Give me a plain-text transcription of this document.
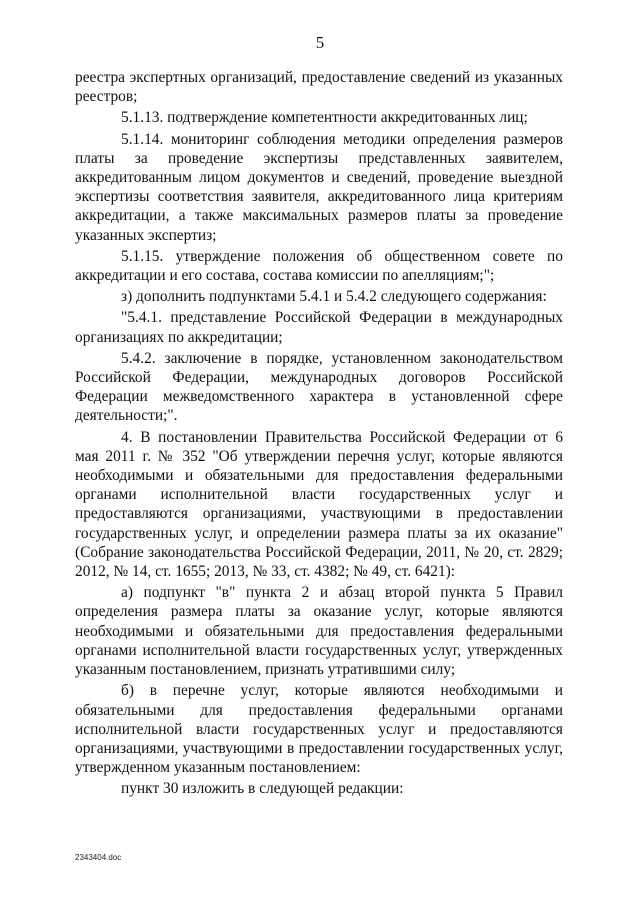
5

реестра экспертных организаций, предоставление сведений из указанных реестров;

5.1.13. подтверждение компетентности аккредитованных лиц;

5.1.14. мониторинг соблюдения методики определения размеров платы за проведение экспертизы представленных заявителем, аккредитованным лицом документов и сведений, проведение выездной экспертизы соответствия заявителя, аккредитованного лица критериям аккредитации, а также максимальных размеров платы за проведение указанных экспертиз;

5.1.15. утверждение положения об общественном совете по аккредитации и его состава, состава комиссии по апелляциям;";

з) дополнить подпунктами 5.4.1 и 5.4.2 следующего содержания:

"5.4.1. представление Российской Федерации в международных организациях по аккредитации;

5.4.2. заключение в порядке, установленном законодательством Российской Федерации, международных договоров Российской Федерации межведомственного характера в установленной сфере деятельности;".

4. В постановлении Правительства Российской Федерации от 6 мая 2011 г. № 352 "Об утверждении перечня услуг, которые являются необходимыми и обязательными для предоставления федеральными органами исполнительной власти государственных услуг и предоставляются организациями, участвующими в предоставлении государственных услуг, и определении размера платы за их оказание" (Собрание законодательства Российской Федерации, 2011, № 20, ст. 2829; 2012, № 14, ст. 1655; 2013, № 33, ст. 4382; № 49, ст. 6421):

а) подпункт "в" пункта 2 и абзац второй пункта 5 Правил определения размера платы за оказание услуг, которые являются необходимыми и обязательными для предоставления федеральными органами исполнительной власти государственных услуг, утвержденных указанным постановлением, признать утратившими силу;

б) в перечне услуг, которые являются необходимыми и обязательными для предоставления федеральными органами исполнительной власти государственных услуг и предоставляются организациями, участвующими в предоставлении государственных услуг, утвержденном указанным постановлением:

пункт 30 изложить в следующей редакции:

2343404.doc
